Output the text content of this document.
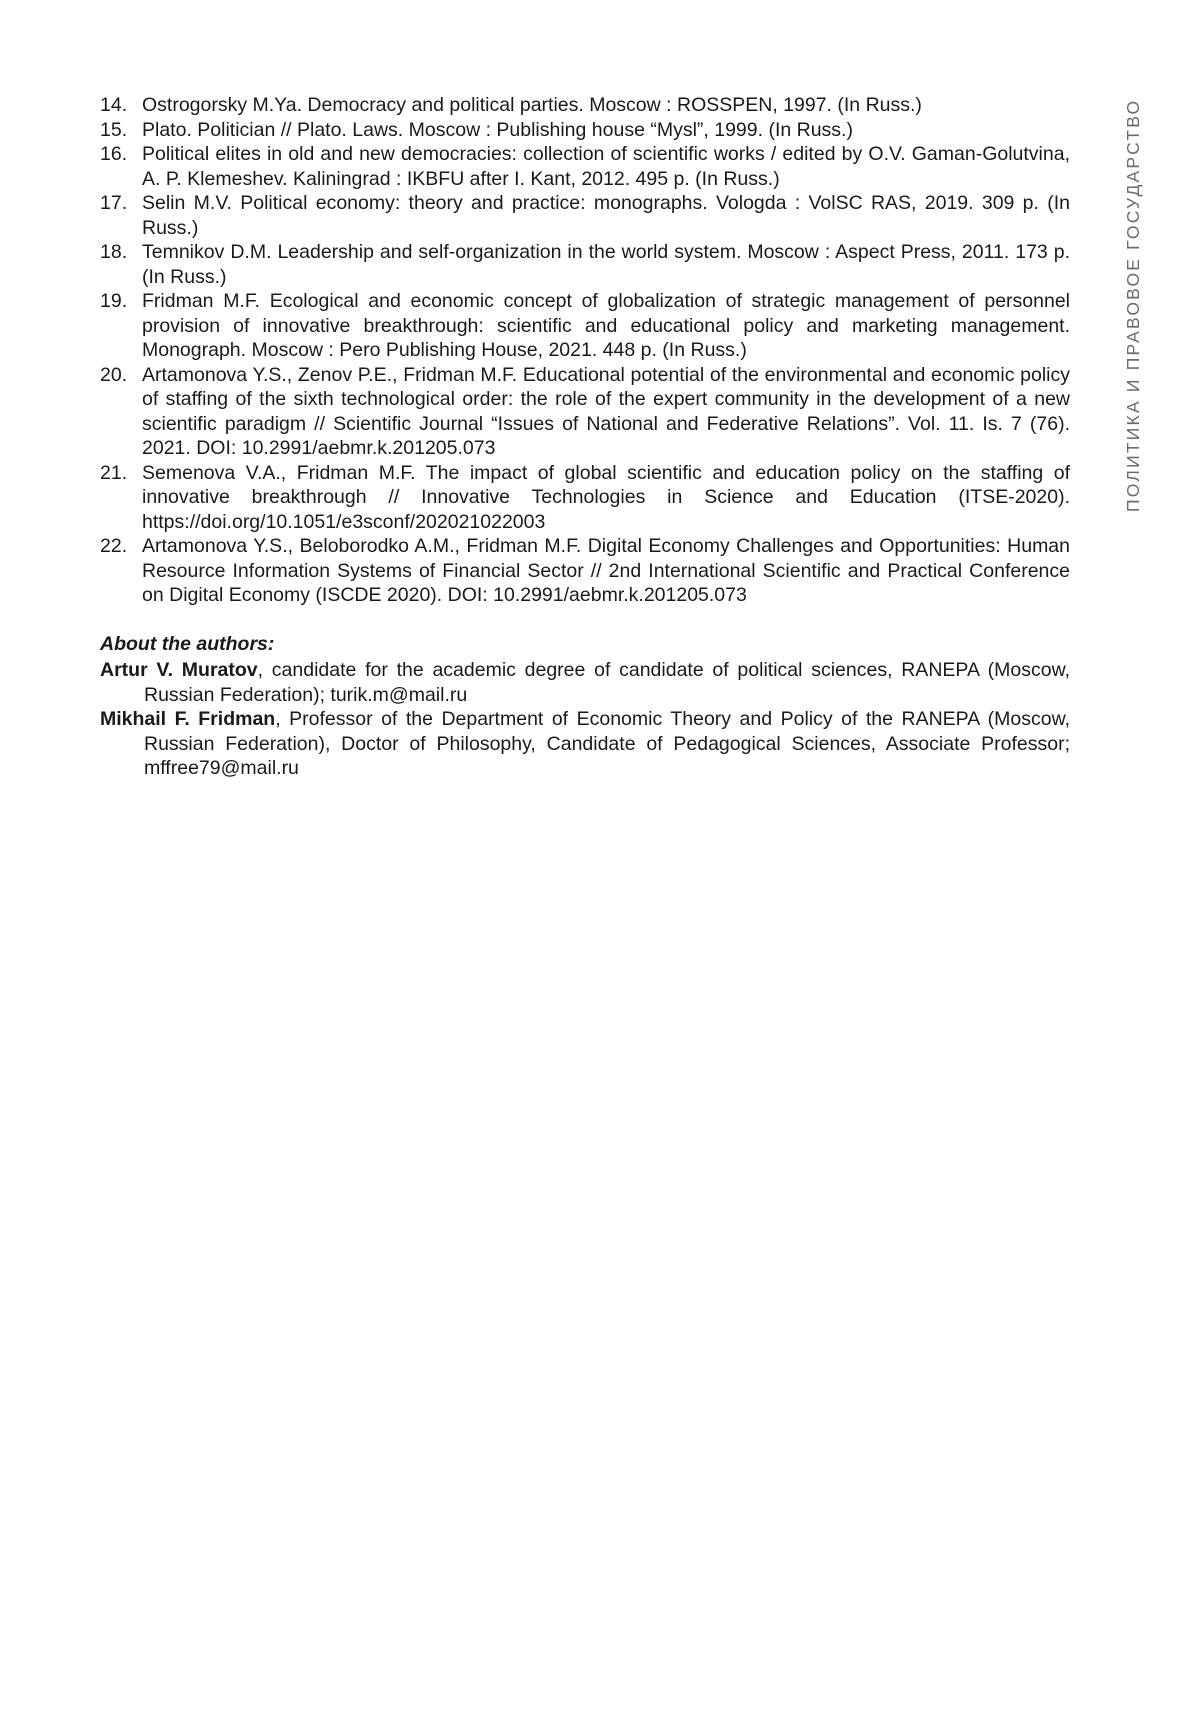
14. Ostrogorsky M.Ya. Democracy and political parties. Moscow : ROSSPEN, 1997. (In Russ.)
15. Plato. Politician // Plato. Laws. Moscow : Publishing house “Mysl”, 1999. (In Russ.)
16. Political elites in old and new democracies: collection of scientific works / edited by O.V. Gaman-Golutvina, A. P. Klemeshev. Kaliningrad : IKBFU after I. Kant, 2012. 495 p. (In Russ.)
17. Selin M.V. Political economy: theory and practice: monographs. Vologda : VolSC RAS, 2019. 309 p. (In Russ.)
18. Temnikov D.M. Leadership and self-organization in the world system. Moscow : Aspect Press, 2011. 173 p. (In Russ.)
19. Fridman M.F. Ecological and economic concept of globalization of strategic management of personnel provision of innovative breakthrough: scientific and educational policy and marketing management. Monograph. Moscow : Pero Publishing House, 2021. 448 p. (In Russ.)
20. Artamonova Y.S., Zenov P.E., Fridman M.F. Educational potential of the environmental and economic policy of staffing of the sixth technological order: the role of the expert community in the development of a new scientific paradigm // Scientific Journal “Issues of National and Federative Relations”. Vol. 11. Is. 7 (76). 2021. DOI: 10.2991/aebmr.k.201205.073
21. Semenova V.A., Fridman M.F. The impact of global scientific and education policy on the staffing of innovative breakthrough // Innovative Technologies in Science and Education (ITSE-2020). https://doi.org/10.1051/e3sconf/202021022003
22. Artamonova Y.S., Beloborodko A.M., Fridman M.F. Digital Economy Challenges and Opportunities: Human Resource Information Systems of Financial Sector // 2nd International Scientific and Practical Conference on Digital Economy (ISCDE 2020). DOI: 10.2991/aebmr.k.201205.073

About the authors:

Artur V. Muratov, candidate for the academic degree of candidate of political sciences, RANEPA (Moscow, Russian Federation); turik.m@mail.ru

Mikhail F. Fridman, Professor of the Department of Economic Theory and Policy of the RANEPA (Moscow, Russian Federation), Doctor of Philosophy, Candidate of Pedagogical Sciences, Associate Professor; mffree79@mail.ru

ПОЛИТИКА И ПРАВОВОЕ ГОСУДАРСТВО
